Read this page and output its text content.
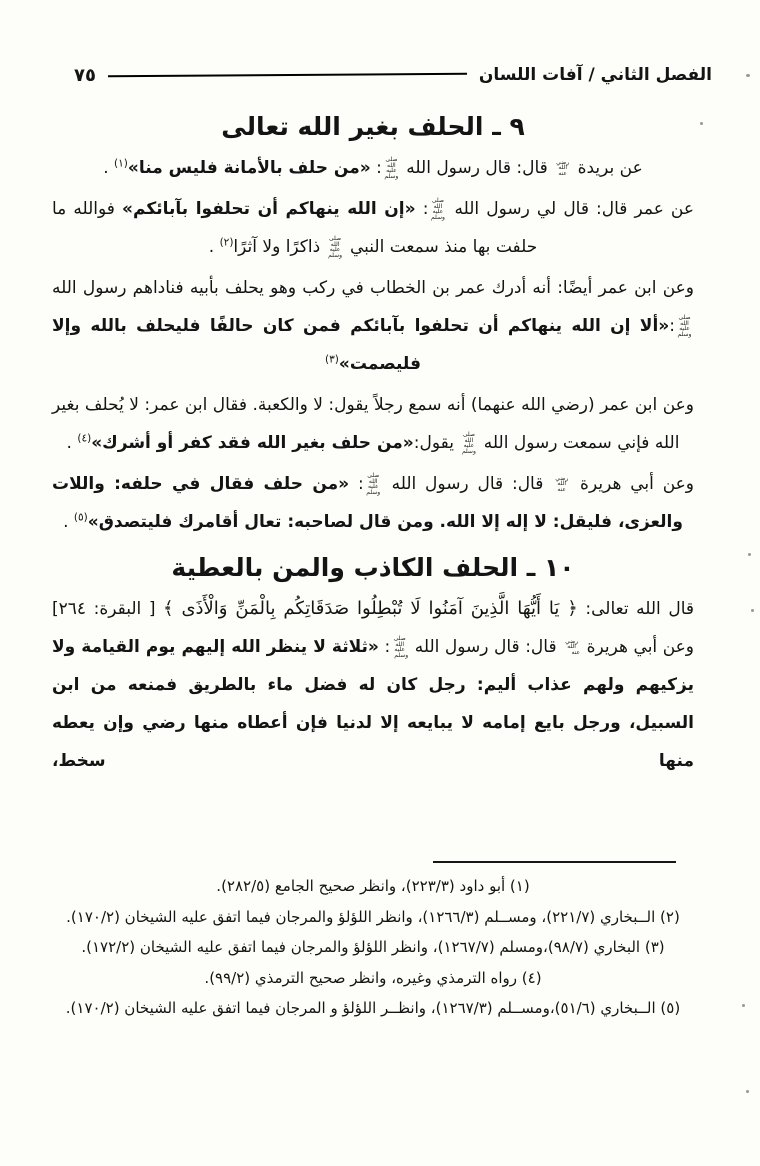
الفصل الثاني / آفات اللسان
٧٥
٩ ـ الحلف بغير الله تعالى

عن بريدة رضي الله عنه قال: قال رسول الله صلى الله عليه وسلم: «من حلف بالأمانة فليس منا»$^{(١)}$ .

عن عمر قال: قال لي رسول الله صلى الله عليه وسلم: «إن الله ينهاكم أن تحلفوا بآبائكم» فوالله ما حلفت بها منذ سمعت النبي صلى الله عليه وسلم ذاكرًا ولا آثرًا$^{(٢)}$ .

وعن ابن عمر أيضًا: أنه أدرك عمر بن الخطاب في ركب وهو يحلف بأبيه فناداهم رسول الله صلى الله عليه وسلم:«ألا إن الله ينهاكم أن تحلفوا بآبائكم فمن كان حالفًا فليحلف بالله وإلا فليصمت»$^{(٣)}$

وعن ابن عمر (رضي الله عنهما) أنه سمع رجلاً يقول: لا والكعبة. فقال ابن عمر: لا يُحلف بغير الله فإني سمعت رسول الله صلى الله عليه وسلم يقول:«من حلف بغير الله فقد كفر أو أشرك»$^{(٤)}$ .

وعن أبي هريرة رضي الله عنه قال: قال رسول الله صلى الله عليه وسلم: «من حلف فقال في حلفه: واللات والعزى، فليقل: لا إله إلا الله. ومن قال لصاحبه: تعال أقامرك فليتصدق»$^{(٥)}$ .

١٠ ـ الحلف الكاذب والمن بالعطية

قال الله تعالى: ﴿ يَا أَيُّهَا الَّذِينَ آمَنُوا لَا تُبْطِلُوا صَدَقَاتِكُم بِالْمَنِّ وَالْأَذَى ﴾ [ البقرة: ٢٦٤] وعن أبي هريرة رضي الله عنه قال: قال رسول الله صلى الله عليه وسلم: «ثلاثة لا ينظر الله إليهم يوم القيامة ولا يزكيهم ولهم عذاب أليم: رجل كان له فضل ماء بالطريق فمنعه من ابن السبيل، ورجل بايع إمامه لا يبايعه إلا لدنيا فإن أعطاه منها رضي وإن يعطه منها سخط،

(١) أبو داود (٢٢٣/٣)، وانظر صحيح الجامع (٢٨٢/٥).

(٢) الــبخاري (٢٢١/٧)، ومســلم (١٢٦٦/٣)، وانظر اللؤلؤ والمرجان فيما اتفق عليه الشيخان (١٧٠/٢).

(٣) البخاري (٩٨/٧)،ومسلم (١٢٦٧/٧)، وانظر اللؤلؤ والمرجان فيما اتفق عليه الشيخان (١٧٢/٢).

(٤) رواه الترمذي وغيره، وانظر صحيح الترمذي (٩٩/٢).

(٥) الــبخاري (٥١/٦)،ومســلم (١٢٦٧/٣)، وانظــر اللؤلؤ و المرجان فيما اتفق عليه الشيخان (١٧٠/٢).
